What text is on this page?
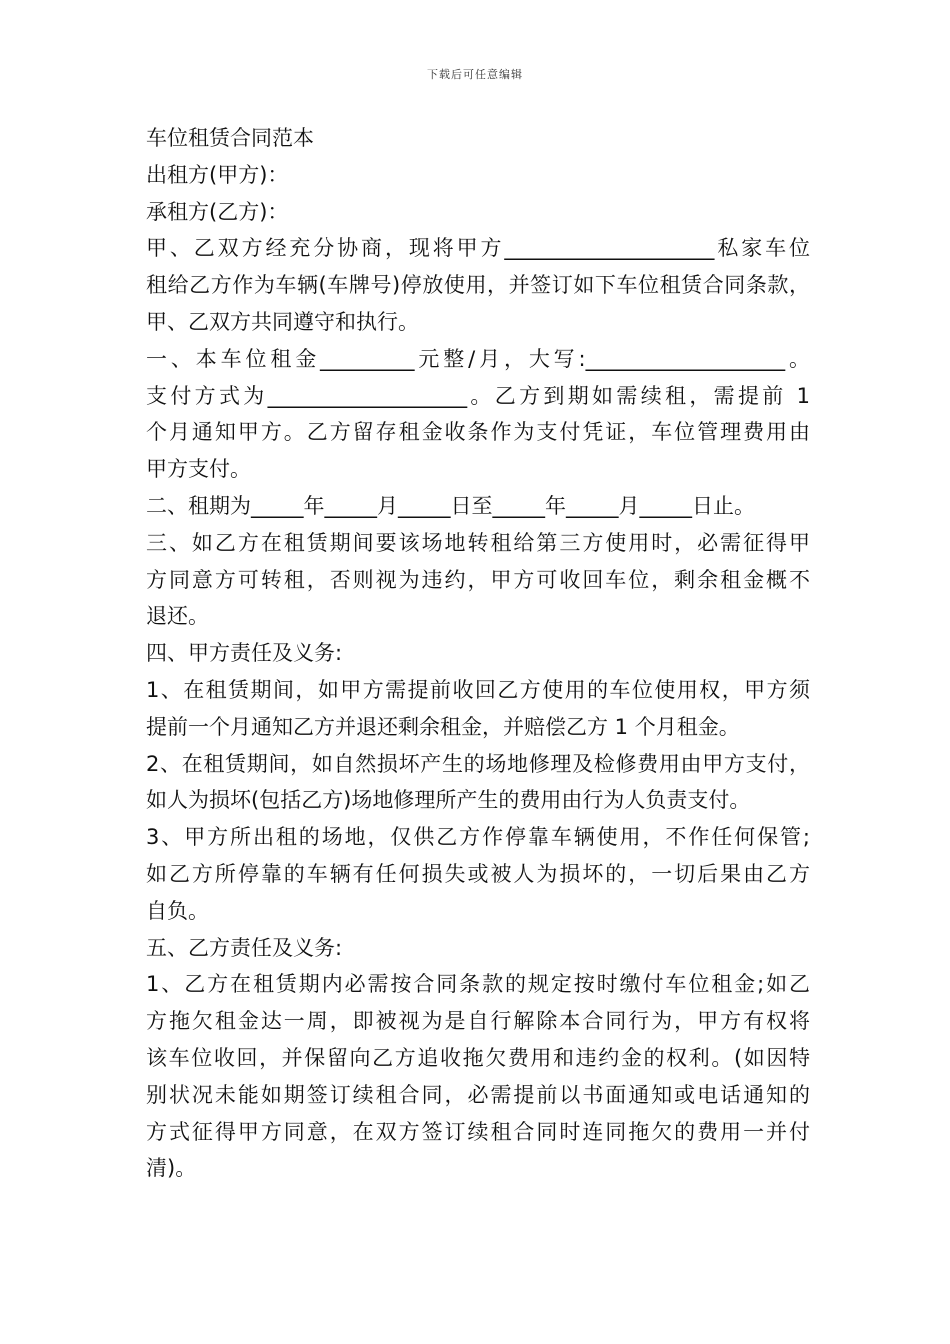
下载后可任意编辑
车位租赁合同范本
出租方(甲方)：
承租方(乙方)：
甲、乙双方经充分协商，现将甲方____________________私家车位
租给乙方作为车辆(车牌号)停放使用，并签订如下车位租赁合同条款，
甲、乙双方共同遵守和执行。
一、本车位租金_________元整/月，大写:___________________。
支付方式为___________________。乙方到期如需续租，需提前 1
个月通知甲方。乙方留存租金收条作为支付凭证，车位管理费用由
甲方支付。
二、租期为_____年_____月_____日至_____年_____月_____日止。
三、如乙方在租赁期间要该场地转租给第三方使用时，必需征得甲
方同意方可转租，否则视为违约，甲方可收回车位，剩余租金概不
退还。
四、甲方责任及义务:
1、在租赁期间，如甲方需提前收回乙方使用的车位使用权，甲方须
提前一个月通知乙方并退还剩余租金，并赔偿乙方 1 个月租金。
2、在租赁期间，如自然损坏产生的场地修理及检修费用由甲方支付，
如人为损坏(包括乙方)场地修理所产生的费用由行为人负责支付。
3、甲方所出租的场地，仅供乙方作停靠车辆使用，不作任何保管;
如乙方所停靠的车辆有任何损失或被人为损坏的，一切后果由乙方
自负。
五、乙方责任及义务:
1、乙方在租赁期内必需按合同条款的规定按时缴付车位租金;如乙
方拖欠租金达一周，即被视为是自行解除本合同行为，甲方有权将
该车位收回，并保留向乙方追收拖欠费用和违约金的权利。(如因特
别状况未能如期签订续租合同，必需提前以书面通知或电话通知的
方式征得甲方同意，在双方签订续租合同时连同拖欠的费用一并付
清)。
